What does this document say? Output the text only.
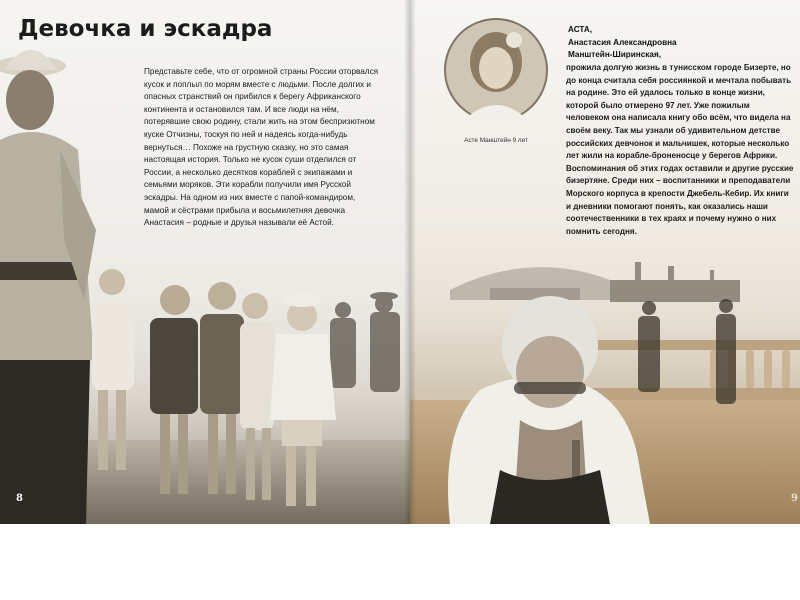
Девочка и эскадра

Представьте себе, что от огромной страны России оторвался кусок и поплыл по морям вместе с людьми. После долгих и опасных странствий он прибился к берегу Африканского континента и остановился там. И все люди на нём, потерявшие свою родину, стали жить на этом беспризютном куске Отчизны, тоскуя по ней и надеясь когда-нибудь вернуться… Похоже на грустную сказку, но это самая настоящая история. Только не кусок суши отделился от России, а несколько десятков кораблей с экипажами и семьями моряков. Эти корабли получили имя Русской эскадры. На одном из них вместе с папой-командиром, мамой и сёстрами прибыла и восьмилетняя девочка Анастасия – родные и друзья называли её Астой.

8

Асте Манштейн 9 лет

АСТА,
Анастасия Александровна
Манштейн-Ширинская,

прожила долгую жизнь в тунисском городе Бизерте, но до конца считала себя россиянкой и мечтала побывать на родине. Это ей удалось только в конце жизни, которой было отмерено 97 лет. Уже пожилым человеком она написала книгу обо всём, что видела на своём веку. Так мы узнали об удивительном детстве российских девчонок и мальчишек, которые несколько лет жили на корабле-броненосце у берегов Африки. Воспоминания об этих годах оставили и другие русские бизертяне. Среди них – воспитанники и преподаватели Морского корпуса в крепости Джебель-Кебир. Их книги и дневники помогают понять, как оказались наши соотечественники в тех краях и почему нужно о них помнить сегодня.

9
